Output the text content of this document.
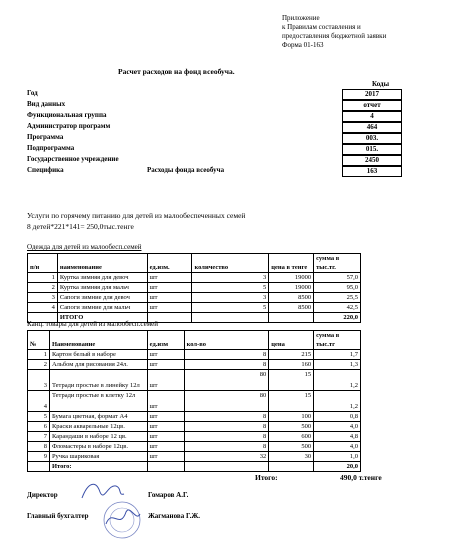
Приложение
к Правилам составления и
предоставления бюджетной заявки
Форма 01-163
Расчет расходов на фонд всеобуча.
Коды
Год	2017
Вид данных	отчет
Функциональная группа	4
Администратор программ	464
Программа	003.
Подпрограмма	015.
Государственное учреждение	2450
Специфика	Расходы фонда всеобуча	163
Услуги по горячему питанию для детей из малообеспеченных семей
8 детей*221*141= 250,0тыс.тенге
Одежда для детей из малообесп.семей
п/н	наименование	ед.изм.	количество	цена в тенге	сумма в тыс.тг.
1	Куртка зимняя для девоч	шт	3	19000	57,0
2	Куртка зимняя для мальч	шт	5	19000	95,0
3	Сапоги зимние для девоч	шт	3	8500	25,5
4	Сапоги зимние для мальч	шт	5	8500	42,5
	ИТОГО				220,0
Канц. товары для детей из малообесп.семей
№	Наименование	ед.изм	кол-во	цена	сумма в тыс.тг
1	Картон белый в наборе	шт	8	215	1,7
2	Альбом для рисования 24л.	шт	8	160	1,3
3	Тетради простые в линейку 12л	шт	80	15	1,2
4	Тетради простые в клетку 12л	шт	80	15	1,2
5	Бумага цветная, формат А4	шт	8	100	0,8
6	Краски акварельные 12цв.	шт	8	500	4,0
7	Карандаши в наборе 12 цв.	шт	8	600	4,8
8	Фломастеры в наборе 12цв.	шт	8	500	4,0
9	Ручка шариковая	шт	32	30	1,0
	Итого:				20,0
Итого:	490,0 т.тенге
Директор	Гомаров А.Г.
Главный бухгалтер	Жагманова Г.Ж.
